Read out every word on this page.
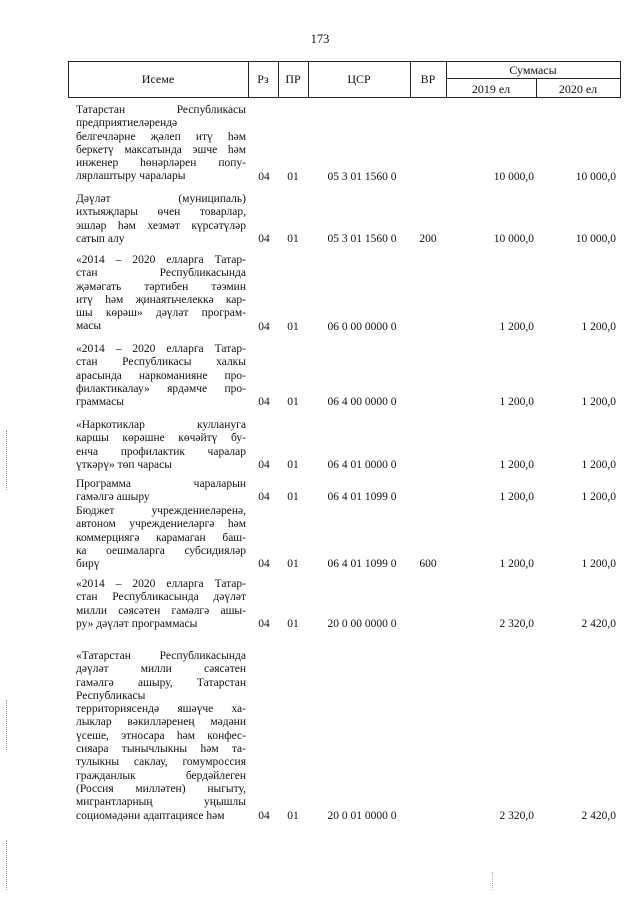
173
Исеме	Рз	ПР	ЦСР	ВР
Суммасы
2019 ел	2020 ел
Татарстан Республикасы
предприятиеләрендә
белгечләрне җәлеп итү һәм
беркетү максатында эшче һәм
инженер һөнәрләрен попу-
лярлаштыру чаралары	04	01	05 3 01 1560 0	10 000,0	10 000,0
Дәүләт (муниципаль)
ихтыяҗлары өчен товарлар,
эшләр һәм хезмәт күрсәтүләр
сатып алу	04	01	05 3 01 1560 0	200	10 000,0	10 000,0
«2014 – 2020 елларга Татар-
стан Республикасында
җәмәгать тәртибен тәэмин
итү һәм җинаятьчелеккә кар-
шы көрәш» дәүләт програм-
масы	04	01	06 0 00 0000 0	1 200,0	1 200,0
«2014 – 2020 елларга Татар-
стан Республикасы халкы
арасында наркоманияне про-
филактикалау» ярдәмче про-
граммасы	04	01	06 4 00 0000 0	1 200,0	1 200,0
«Наркотиклар кулланугa
каршы көрәшне көчәйтү бу-
енча профилактик чаралар
үткәрү» төп чарасы	04	01	06 4 01 0000 0	1 200,0	1 200,0
Программа чараларын
гамәлгә ашыру	04	01	06 4 01 1099 0	1 200,0	1 200,0
Бюджет учреждениеләренә,
автоном учреждениеләргә һәм
коммерциягә карамаган баш-
ка оешмаларга субсидияләр
бирү	04	01	06 4 01 1099 0	600	1 200,0	1 200,0
«2014 – 2020 елларга Татар-
стан Республикасында дәүләт
милли сәясәтен гамәлгә ашы-
ру» дәүләт программасы	04	01	20 0 00 0000 0	2 320,0	2 420,0
«Татарстан Республикасында
дәүләт милли сәясәтен
гамәлгә ашыру, Татарстан
Республикасы
территориясендә яшәүче ха-
лыклар вәкилләренең мәдәни
үсеше, этносара һәм конфес-
сияара тынычлыкны һәм та-
тулыкны саклау, гомумроссия
гражданлык бердәйлеген
(Россия милләтен) ныгыту,
мигрантларның уңышлы
социомәдәни адаптациясе һәм	04	01	20 0 01 0000 0	2 320,0	2 420,0
